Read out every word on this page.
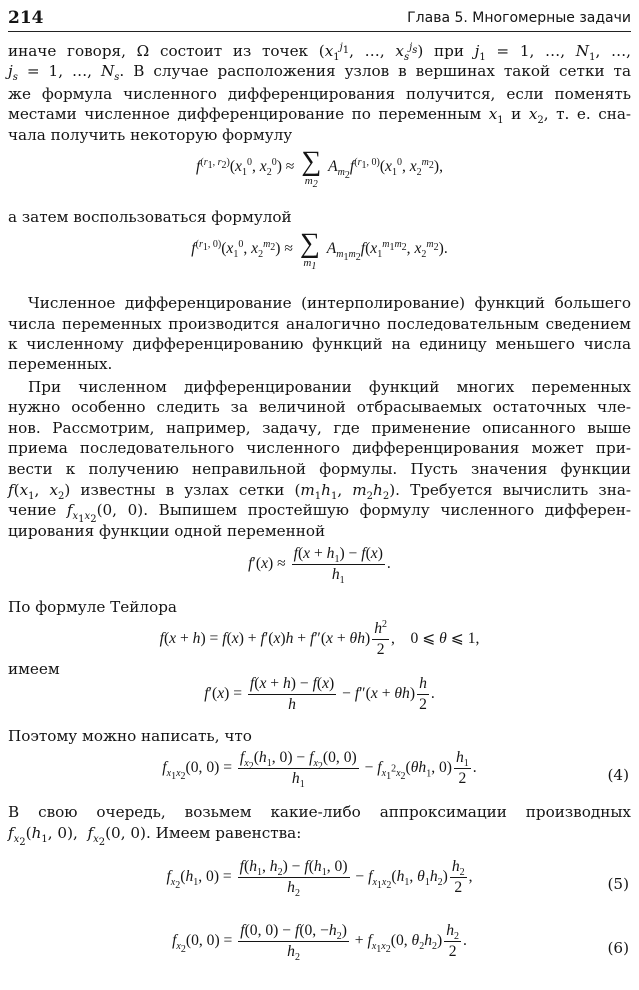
214	Глава 5. Многомерные задачи
иначе говоря, Ω состоит из точек ($x_1^{j_1}$, …, $x_s^{j_s}$) при $j_1 = 1$, …, $N_1$, …,
$j_s = 1$, …, $N_s$. В случае расположения узлов в вершинах такой сетки та
же формула численного дифференцирования получится, если поменять
местами численное дифференцирование по переменным $x_1$ и $x_2$, т. е. сна-
чала получить некоторую формулу
$f^{(r_1, r_2)}(x_1^0$, $x_2^0$) ≈ ∑
$m_2$
$A_{m_2}f^{(r_1, 0)}(x_1^0$, $x_2^{m_2}$),
а затем воспользоваться формулой
$f^{(r_1, 0)}(x_1^0$, $x_2^{m_2}$) ≈ ∑
$m_1$
$A_{m_1m_2}f(x_1^{m_1m_2}$, $x_2^{m_2}$).
Численное дифференцирование (интерполирование) функций большего
числа переменных производится аналогично последовательным сведением
к численному дифференцированию функций на единицу меньшего числа
переменных.
При численном дифференцировании функций многих переменных
нужно особенно следить за величиной отбрасываемых остаточных чле-
нов. Рассмотрим, например, задачу, где применение описанного выше
приема последовательного численного дифференцирования может при-
вести к получению неправильной формулы. Пусть значения функции
$f(x_1$, $x_2$) известны в узлах сетки ($m_1h_1$, $m_2h_2$). Требуется вычислить зна-
чение $f_{x_1x_2}(0$, 0). Выпишем простейшую формулу численного дифферен-
цирования функции одной переменной
$f'(x) \approx \frac{f(x + h_1) - f(x)}{h_1}$ .
По формуле Тейлора
$f(x + h) = f(x) + f'(x)h + f''(x + \theta h) \frac{h^2}{2}$ ,    0 ⩽ θ ⩽ 1,
имеем
$f'(x) = \frac{f(x + h) - f(x)}{h} - f''(x + \theta h) \frac{h}{2}$ .
Поэтому можно написать, что
$f_{x_1x_2}(0$, $0) = \frac{f_{x_2}(h_1, 0) - f_{x_2}(0, 0)}{h_1} - f_{x_1^2x_2}(\theta h_1$, $0) \frac{h_1}{2}$ .	(4)
В свою очередь, возьмем какие-либо аппроксимации производных
$f_{x_2}(h_1$, 0),  $f_{x_2}(0$, 0). Имеем равенства:
$f_{x_2}(h_1$, $0) = \frac{f(h_1, h_2) - f(h_1, 0)}{h_2} - f_{x_1x_2}(h_1$, $\theta_1h_2) \frac{h_2}{2}$ ,	(5)
$f_{x_2}(0$, $0) = \frac{f(0, 0) - f(0, -h_2)}{h_2} + f_{x_1x_2}(0$, $\theta_2h_2) \frac{h_2}{2}$ .	(6)
